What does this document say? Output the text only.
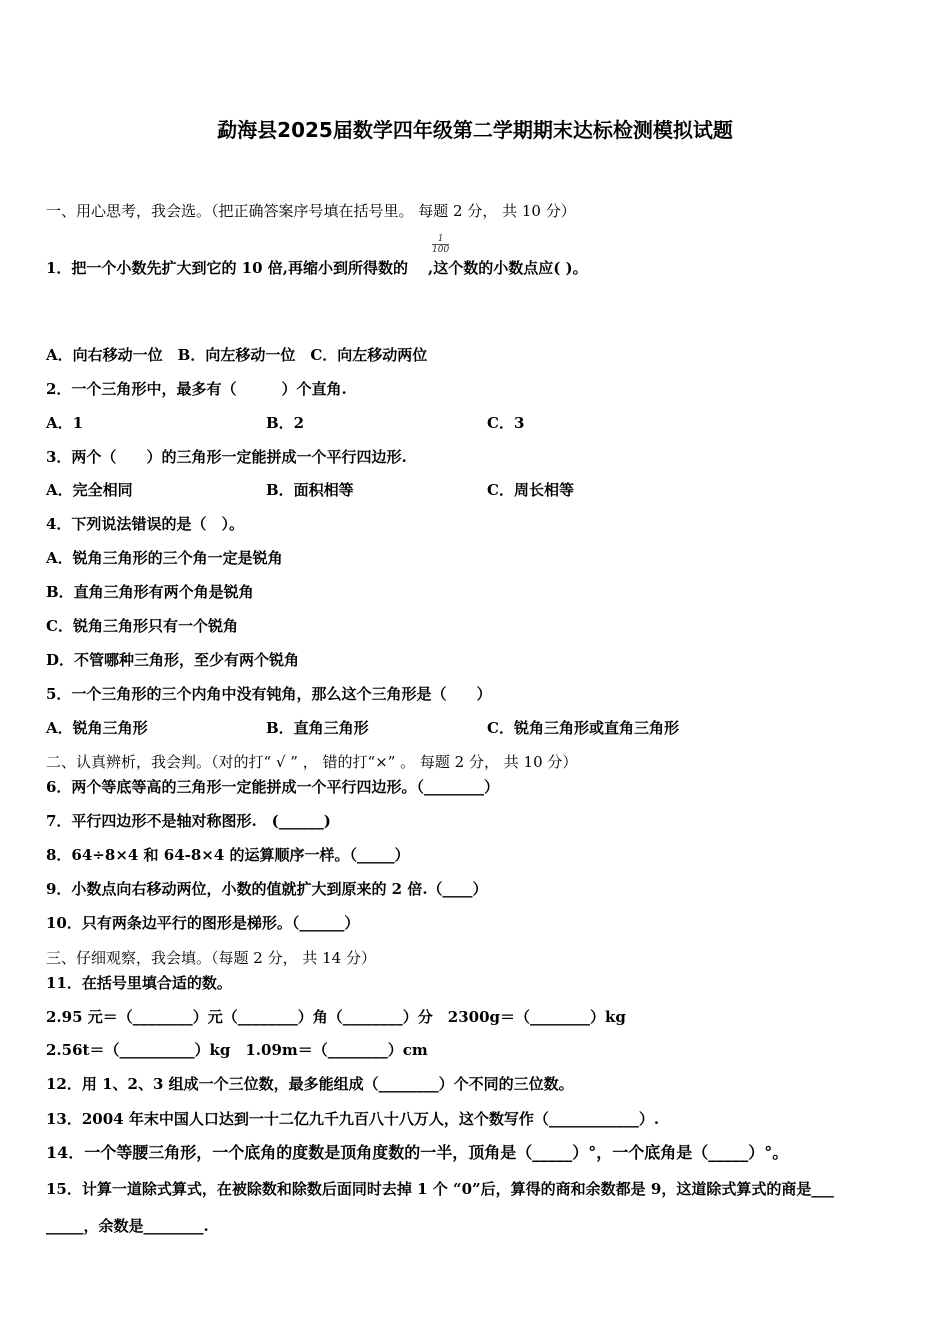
勐海县2025届数学四年级第二学期期末达标检测模拟试题
一、用心思考，我会选。（把正确答案序号填在括号里。 每题 2 分， 共 10 分）
1．把一个小数先扩大到它的 10 倍,再缩小到所得数的 ,这个数的小数点应( )。
$\frac{1}{100}$
A．向右移动一位　B．向左移动一位　C．向左移动两位
2．一个三角形中，最多有（　　　）个直角.
A．1	B．2	C．3
3．两个（　　）的三角形一定能拼成一个平行四边形.
A．完全相同	B．面积相等	C．周长相等
4．下列说法错误的是（　）。
A．锐角三角形的三个角一定是锐角
B．直角三角形有两个角是锐角
C．锐角三角形只有一个锐角
D．不管哪种三角形，至少有两个锐角
5．一个三角形的三个内角中没有钝角，那么这个三角形是（　　）
A．锐角三角形	B．直角三角形	C．锐角三角形或直角三角形
二、认真辨析，我会判。（对的打“ √ ” ， 错的打“×” 。 每题 2 分， 共 10 分）
6．两个等底等高的三角形一定能拼成一个平行四边形。（________）
7．平行四边形不是轴对称图形.　(______)
8．64÷8×4 和 64-8×4 的运算顺序一样。（_____）
9．小数点向右移动两位，小数的值就扩大到原来的 2 倍.（____）
10．只有两条边平行的图形是梯形。（______）
三、仔细观察，我会填。（每题 2 分， 共 14 分）
11．在括号里填合适的数。
2.95 元＝（________）元（________）角（________）分　2300g＝（________）kg
2.56t＝（__________）kg　1.09m＝（________）cm
12．用 1、2、3 组成一个三位数，最多能组成（________）个不同的三位数。
13．2004 年末中国人口达到一十二亿九千九百八十八万人，这个数写作（____________）.
14．一个等腰三角形，一个底角的度数是顶角度数的一半，顶角是（_____）°，一个底角是（_____）°。
15．计算一道除式算式，在被除数和除数后面同时去掉 1 个 “0”后，算得的商和余数都是 9，这道除式算式的商是___
_____，余数是________.
